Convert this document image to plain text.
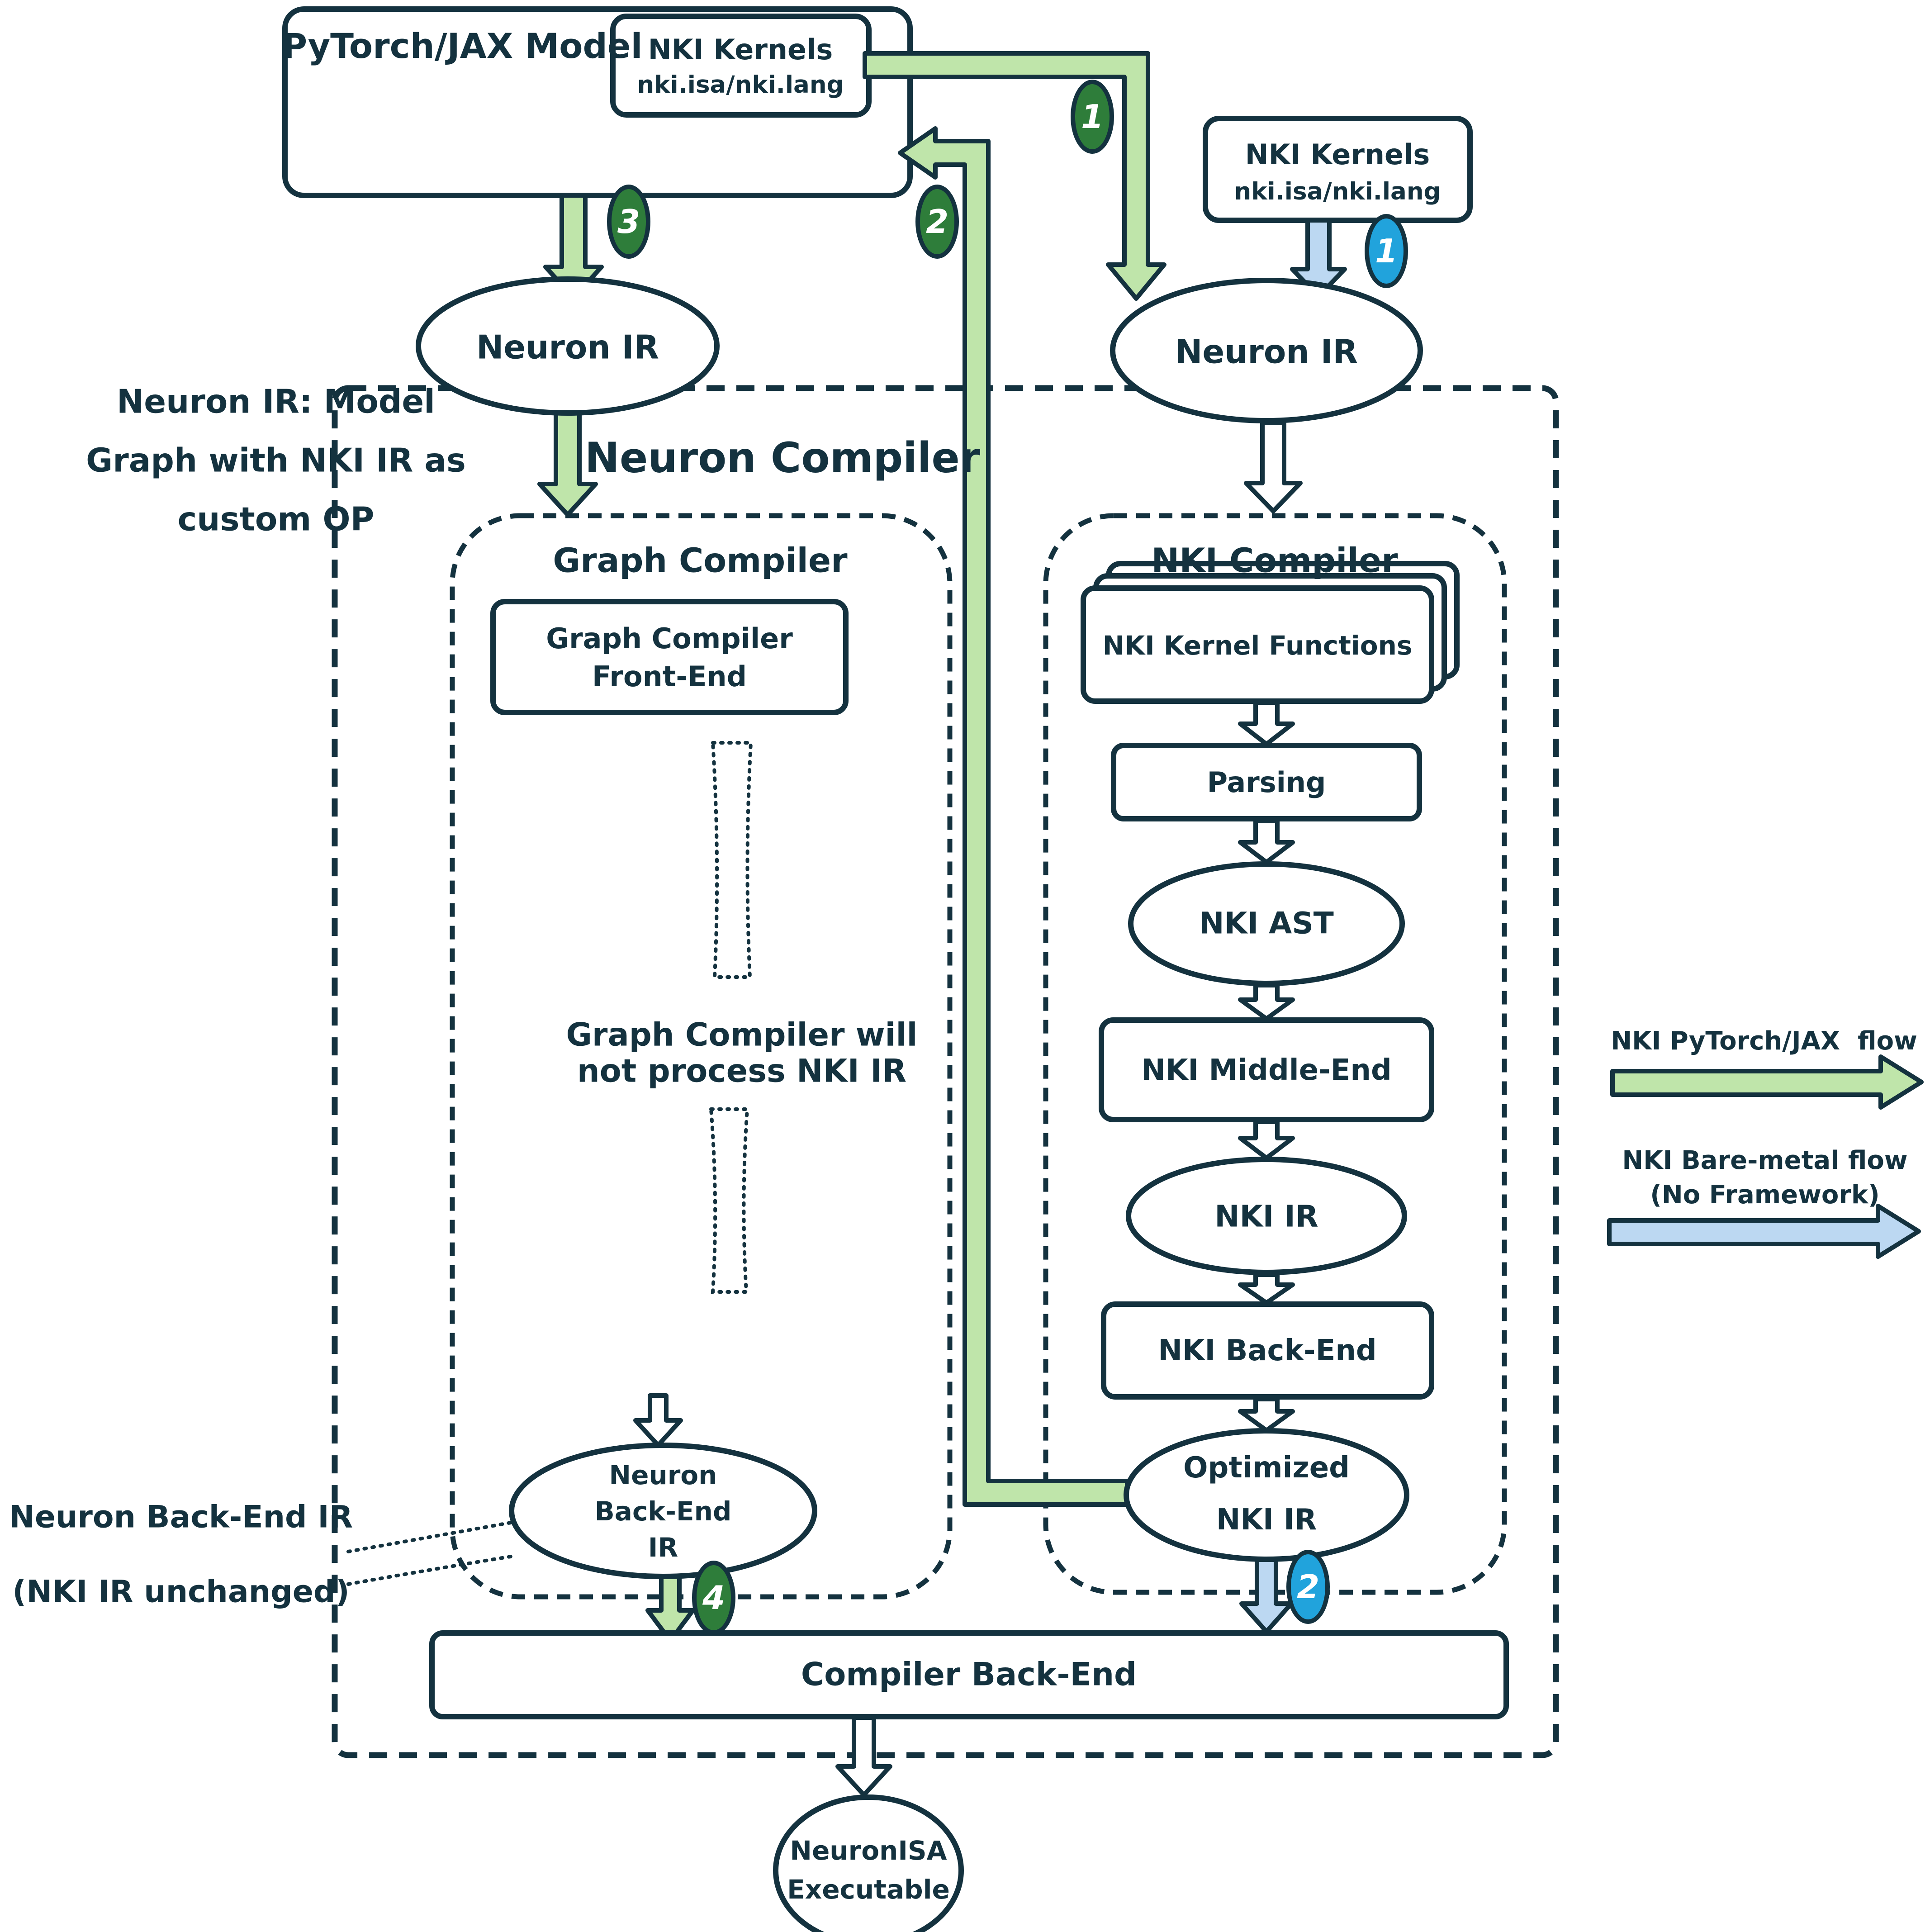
PyTorch/JAX Model NKI Kernels
nki.isa/nki.lang
NKI Kernels
nki.isa/nki.lang
Neuron IR	Neuron IR
Neuron IR: Model
Graph with NKI IR as
custom OP
Neuron Compiler
Graph Compiler
Graph Compiler
Front-End
Graph Compiler will
not process NKI IR
Neuron
Back-End
IR
Neuron Back-End IR
(NKI IR unchanged)
NKI Compiler
NKI Kernel Functions
Parsing
NKI AST
NKI Middle-End
NKI IR
NKI Back-End
Optimized
NKI IR
Compiler Back-End
NeuronISA
Executable
NKI PyTorch/JAX  flow
NKI Bare-metal flow
(No Framework)
1
2
3
1
4	2
